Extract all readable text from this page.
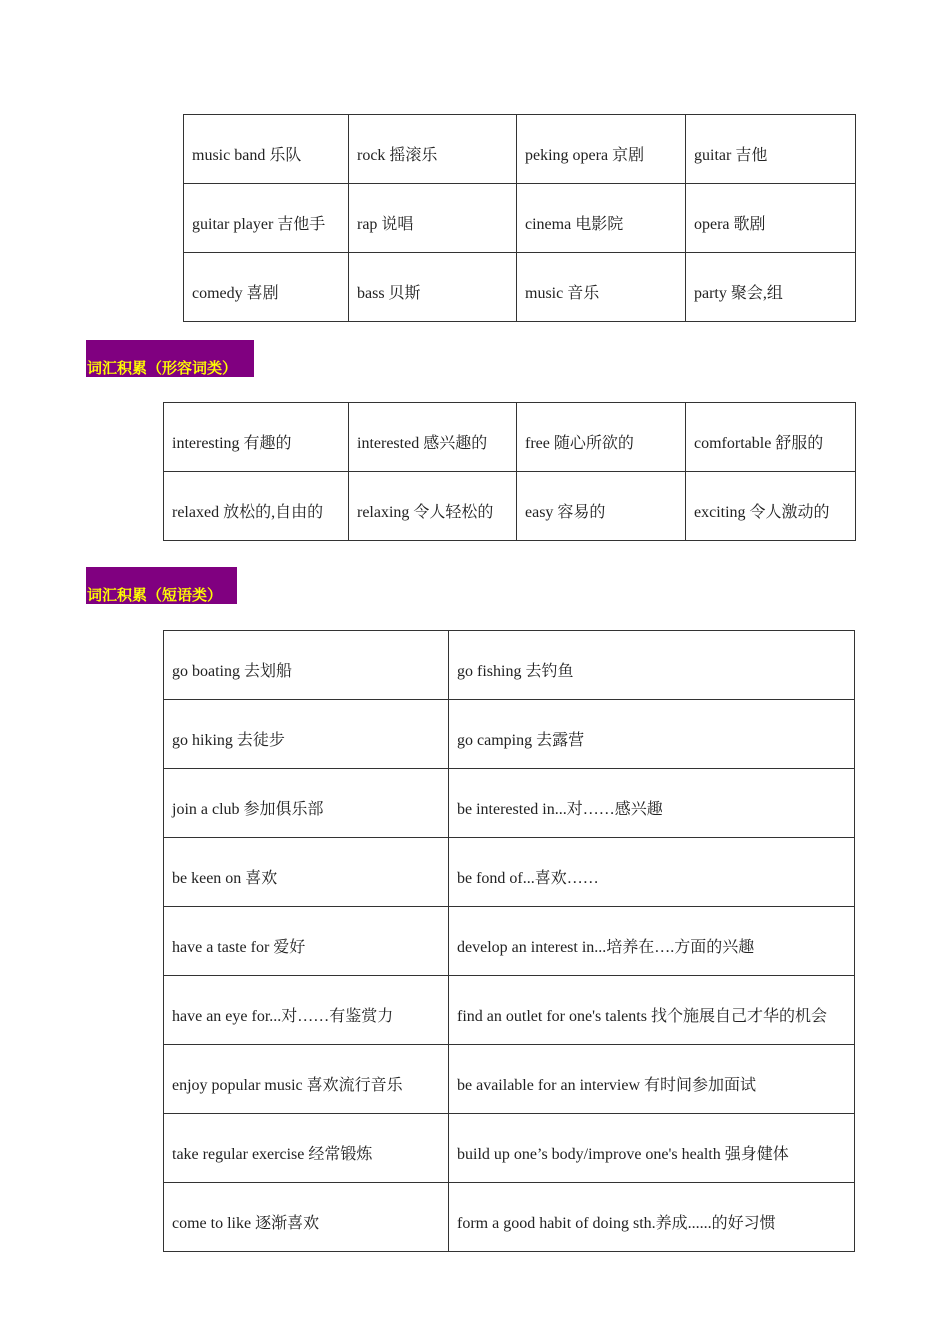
music band 乐队	rock 摇滚乐	peking opera 京剧	guitar 吉他
guitar player 吉他手	rap 说唱	cinema 电影院	opera 歌剧
comedy 喜剧	bass 贝斯	music 音乐	party 聚会,组
词汇积累（形容词类）
interesting 有趣的	interested 感兴趣的	free 随心所欲的	comfortable 舒服的
relaxed 放松的,自由的	relaxing 令人轻松的	easy 容易的	exciting 令人激动的
词汇积累（短语类）
go boating 去划船	go fishing 去钓鱼
go hiking 去徒步	go camping 去露营
join a club 参加俱乐部	be interested in...对……感兴趣
be keen on 喜欢	be fond of...喜欢……
have a taste for 爱好	develop an interest in...培养在….方面的兴趣
have an eye for...对……有鉴赏力	find an outlet for one's talents 找个施展自己才华的机会
enjoy popular music 喜欢流行音乐	be available for an interview 有时间参加面试
take regular exercise 经常锻炼	build up one’s body/improve one's health 强身健体
come to like 逐渐喜欢	form a good habit of doing sth.养成......的好习惯
